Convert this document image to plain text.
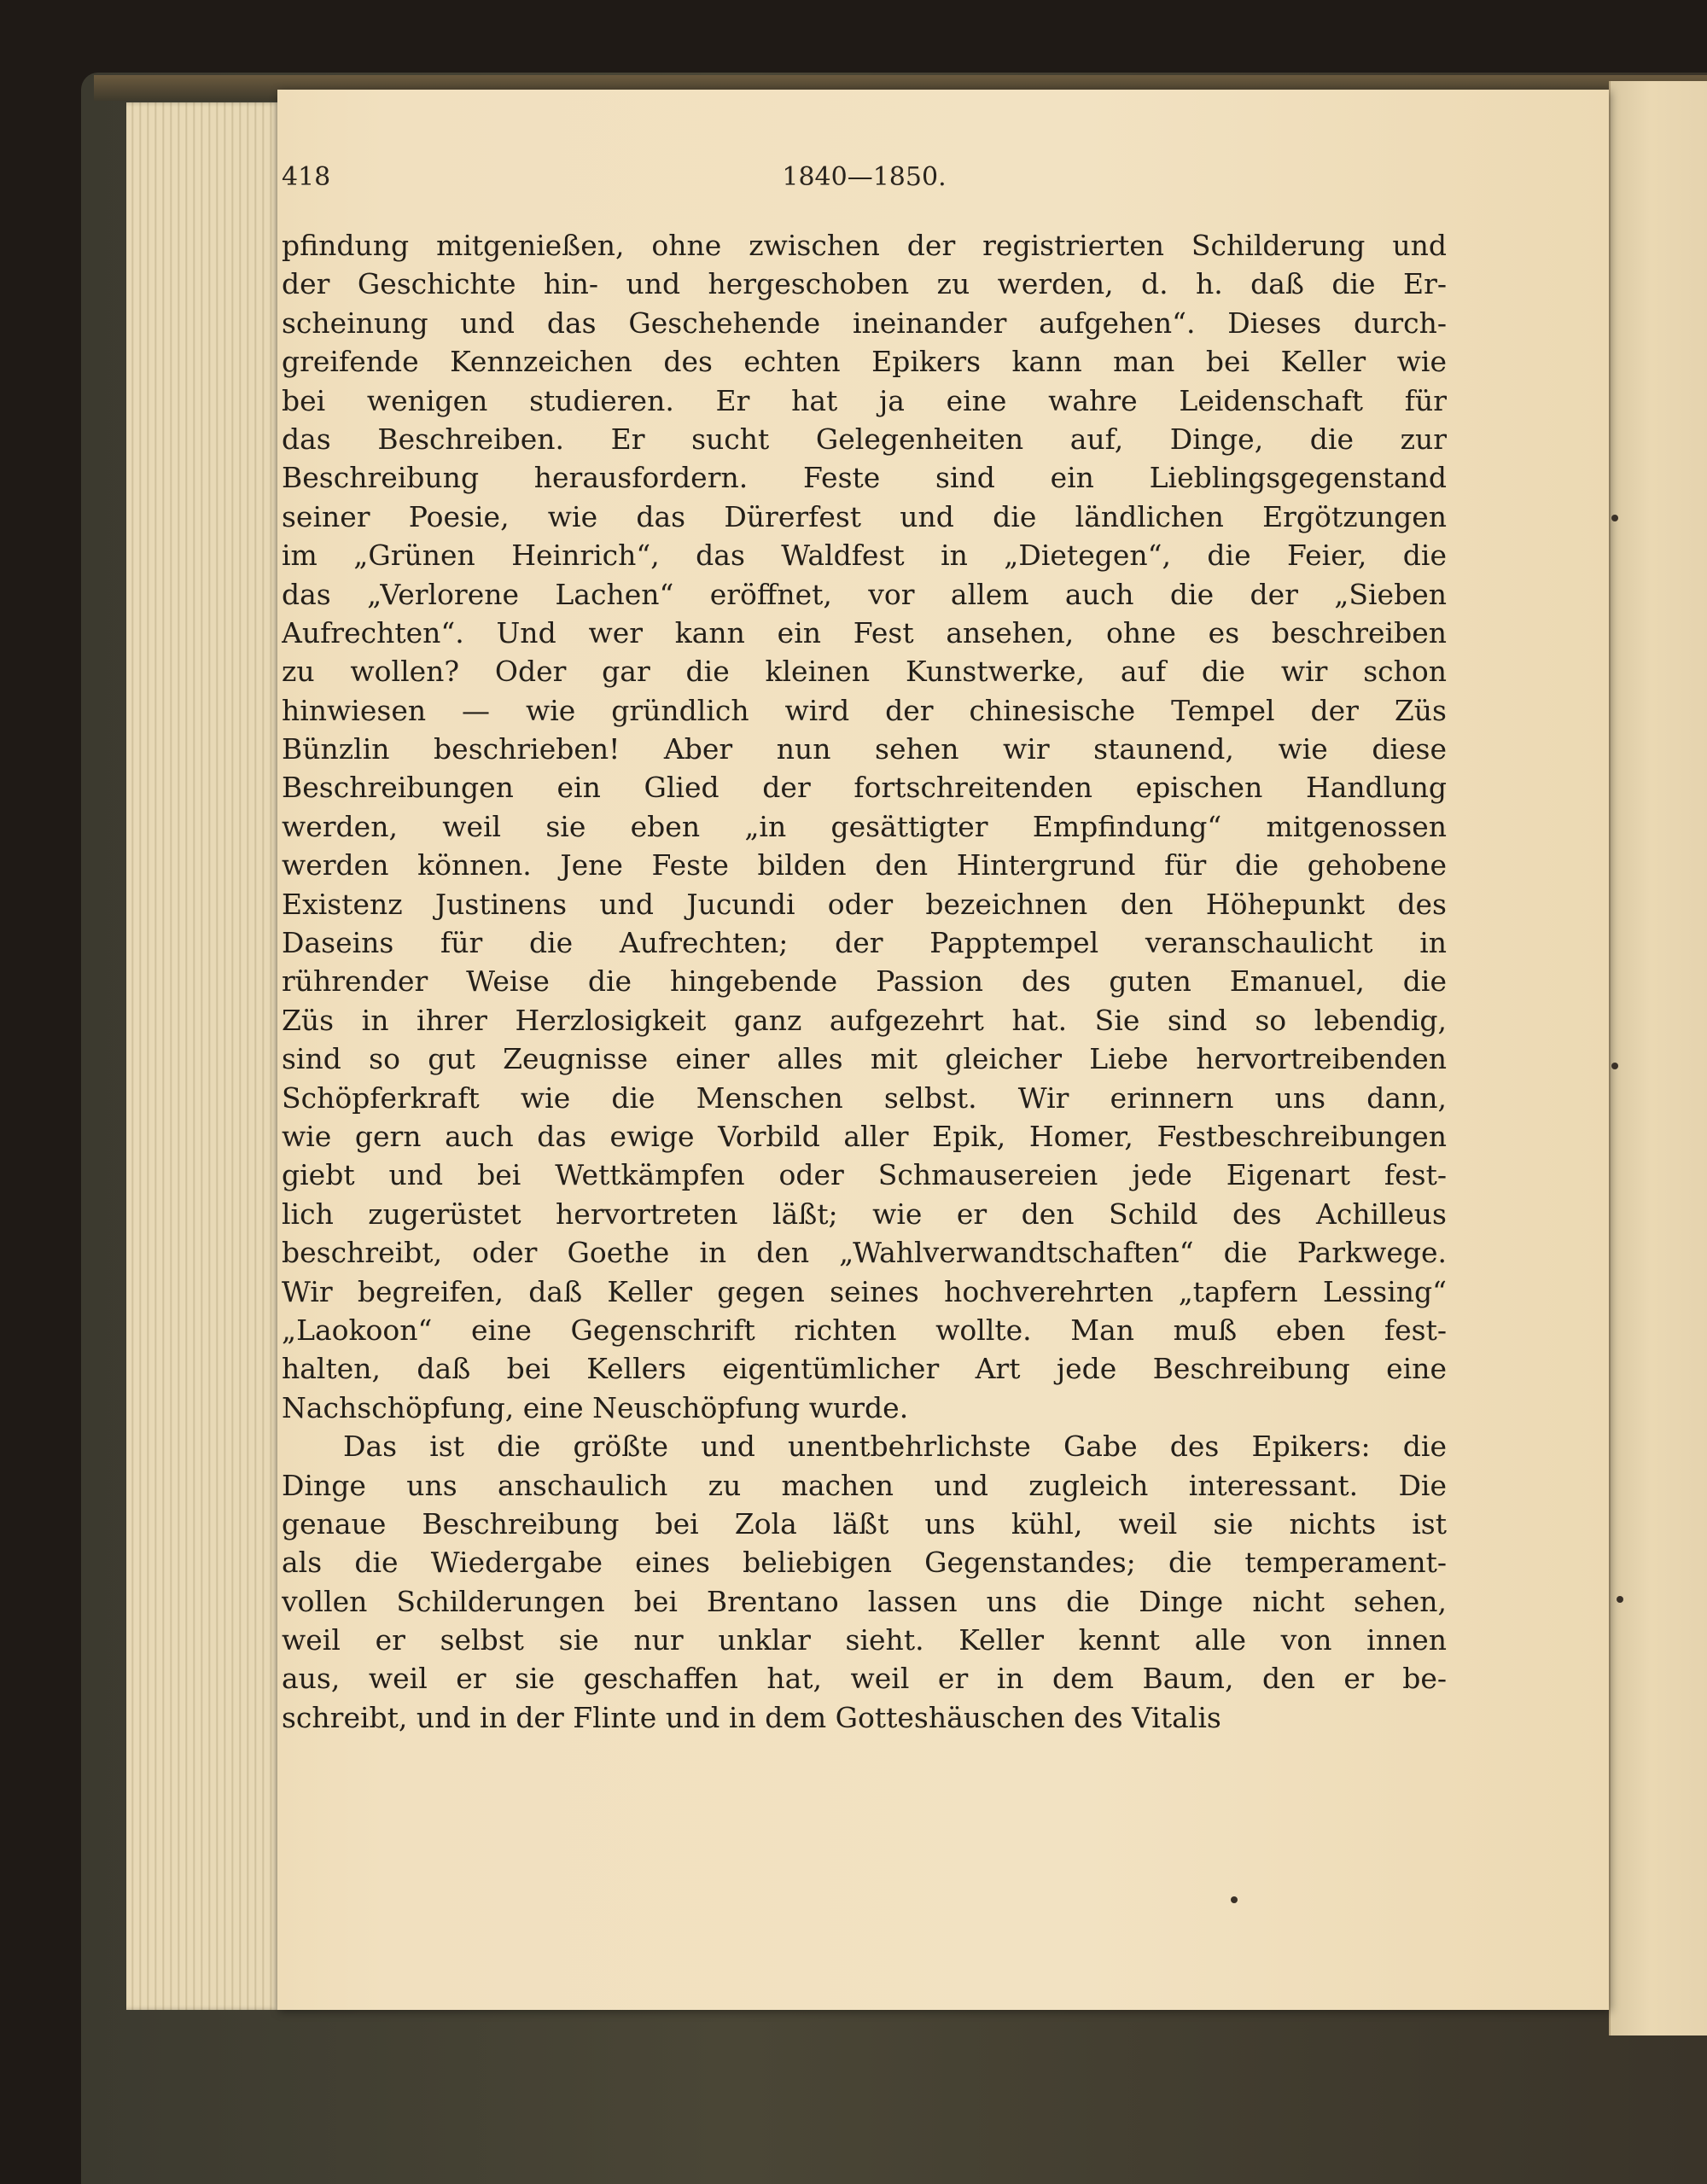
418	1840—1850.
pfindung mitgenießen, ohne zwischen der registrierten Schilderung und
der Geschichte hin- und hergeschoben zu werden, d. h. daß die Er-
scheinung und das Geschehende ineinander aufgehen“. Dieses durch-
greifende Kennzeichen des echten Epikers kann man bei Keller wie
bei wenigen studieren. Er hat ja eine wahre Leidenschaft für
das Beschreiben. Er sucht Gelegenheiten auf, Dinge, die zur
Beschreibung herausfordern. Feste sind ein Lieblingsgegenstand
seiner Poesie, wie das Dürerfest und die ländlichen Ergötzungen
im „Grünen Heinrich“, das Waldfest in „Dietegen“, die Feier, die
das „Verlorene Lachen“ eröffnet, vor allem auch die der „Sieben
Aufrechten“. Und wer kann ein Fest ansehen, ohne es beschreiben
zu wollen? Oder gar die kleinen Kunstwerke, auf die wir schon
hinwiesen — wie gründlich wird der chinesische Tempel der Züs
Bünzlin beschrieben! Aber nun sehen wir staunend, wie diese
Beschreibungen ein Glied der fortschreitenden epischen Handlung
werden, weil sie eben „in gesättigter Empfindung“ mitgenossen
werden können. Jene Feste bilden den Hintergrund für die gehobene
Existenz Justinens und Jucundi oder bezeichnen den Höhepunkt des
Daseins für die Aufrechten; der Papptempel veranschaulicht in
rührender Weise die hingebende Passion des guten Emanuel, die
Züs in ihrer Herzlosigkeit ganz aufgezehrt hat. Sie sind so lebendig,
sind so gut Zeugnisse einer alles mit gleicher Liebe hervortreibenden
Schöpferkraft wie die Menschen selbst. Wir erinnern uns dann,
wie gern auch das ewige Vorbild aller Epik, Homer, Festbeschreibungen
giebt und bei Wettkämpfen oder Schmausereien jede Eigenart fest-
lich zugerüstet hervortreten läßt; wie er den Schild des Achilleus
beschreibt, oder Goethe in den „Wahlverwandtschaften“ die Parkwege.
Wir begreifen, daß Keller gegen seines hochverehrten „tapfern Lessing“
„Laokoon“ eine Gegenschrift richten wollte. Man muß eben fest-
halten, daß bei Kellers eigentümlicher Art jede Beschreibung eine
Nachschöpfung, eine Neuschöpfung wurde.
Das ist die größte und unentbehrlichste Gabe des Epikers: die
Dinge uns anschaulich zu machen und zugleich interessant. Die
genaue Beschreibung bei Zola läßt uns kühl, weil sie nichts ist
als die Wiedergabe eines beliebigen Gegenstandes; die temperament-
vollen Schilderungen bei Brentano lassen uns die Dinge nicht sehen,
weil er selbst sie nur unklar sieht. Keller kennt alle von innen
aus, weil er sie geschaffen hat, weil er in dem Baum, den er be-
schreibt, und in der Flinte und in dem Gotteshäuschen des Vitalis
